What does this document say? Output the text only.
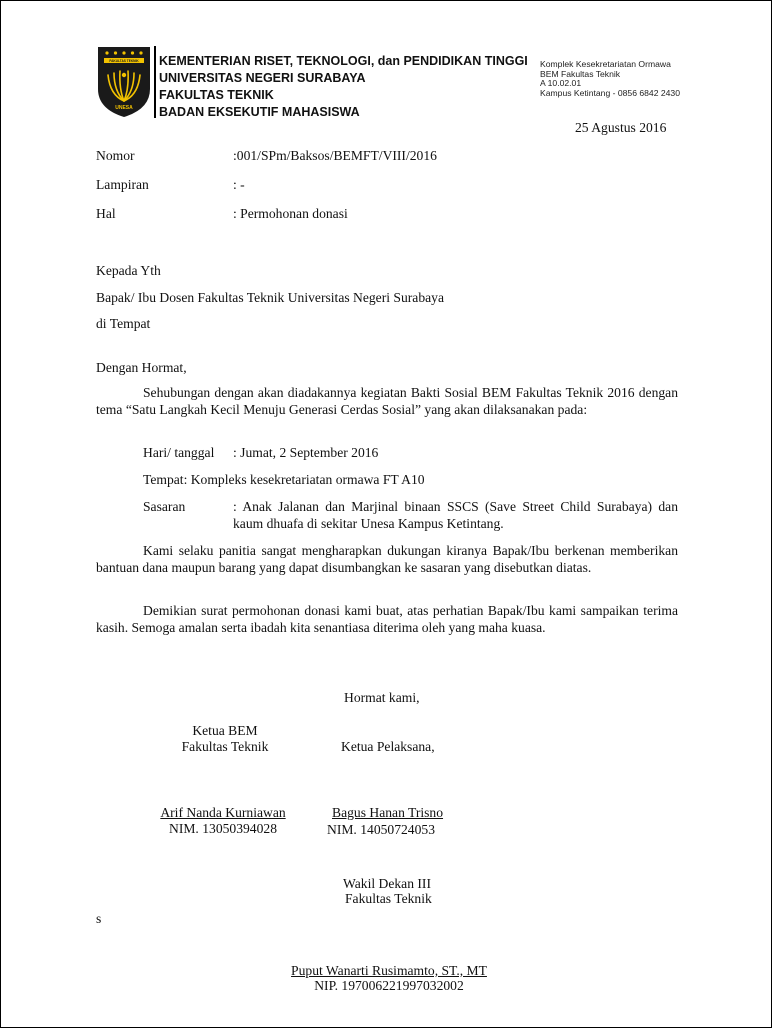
FAKULTAS TEKNIK
UNESA
KEMENTERIAN RISET, TEKNOLOGI, dan PENDIDIKAN TINGGI
UNIVERSITAS NEGERI SURABAYA
FAKULTAS TEKNIK
BADAN EKSEKUTIF MAHASISWA
Komplek Kesekretariatan Ormawa
BEM Fakultas Teknik
A 10.02.01
Kampus Ketintang - 0856 6842 2430
25 Agustus 2016
Nomor	:001/SPm/Baksos/BEMFT/VIII/2016
Lampiran	: -
Hal	: Permohonan donasi
Kepada Yth
Bapak/ Ibu Dosen Fakultas Teknik Universitas Negeri Surabaya
di Tempat
Dengan Hormat,

Sehubungan dengan akan diadakannya kegiatan Bakti Sosial BEM Fakultas Teknik 2016 dengan tema “Satu Langkah Kecil Menuju Generasi Cerdas Sosial” yang akan dilaksanakan pada:

Hari/ tanggal : Jumat, 2 September 2016
Tempat: Kompleks kesekretariatan ormawa FT A10
Sasaran	: Anak Jalanan dan Marjinal binaan SSCS (Save Street Child Surabaya) dan kaum dhuafa di sekitar Unesa Kampus Ketintang.

Kami selaku panitia sangat mengharapkan dukungan kiranya Bapak/Ibu berkenan memberikan bantuan dana maupun barang yang dapat disumbangkan ke sasaran yang disebutkan diatas.

Demikian surat permohonan donasi kami buat, atas perhatian Bapak/Ibu kami sampaikan terima kasih. Semoga amalan serta ibadah kita senantiasa diterima oleh yang maha kuasa.

Hormat kami,
Ketua BEM
Fakultas Teknik	Ketua Pelaksana,
Arif Nanda Kurniawan
NIM. 13050394028
Bagus Hanan Trisno
NIM. 14050724053
Wakil Dekan III
Fakultas Teknik
s
Puput Wanarti Rusimamto, ST., MT
NIP. 197006221997032002
